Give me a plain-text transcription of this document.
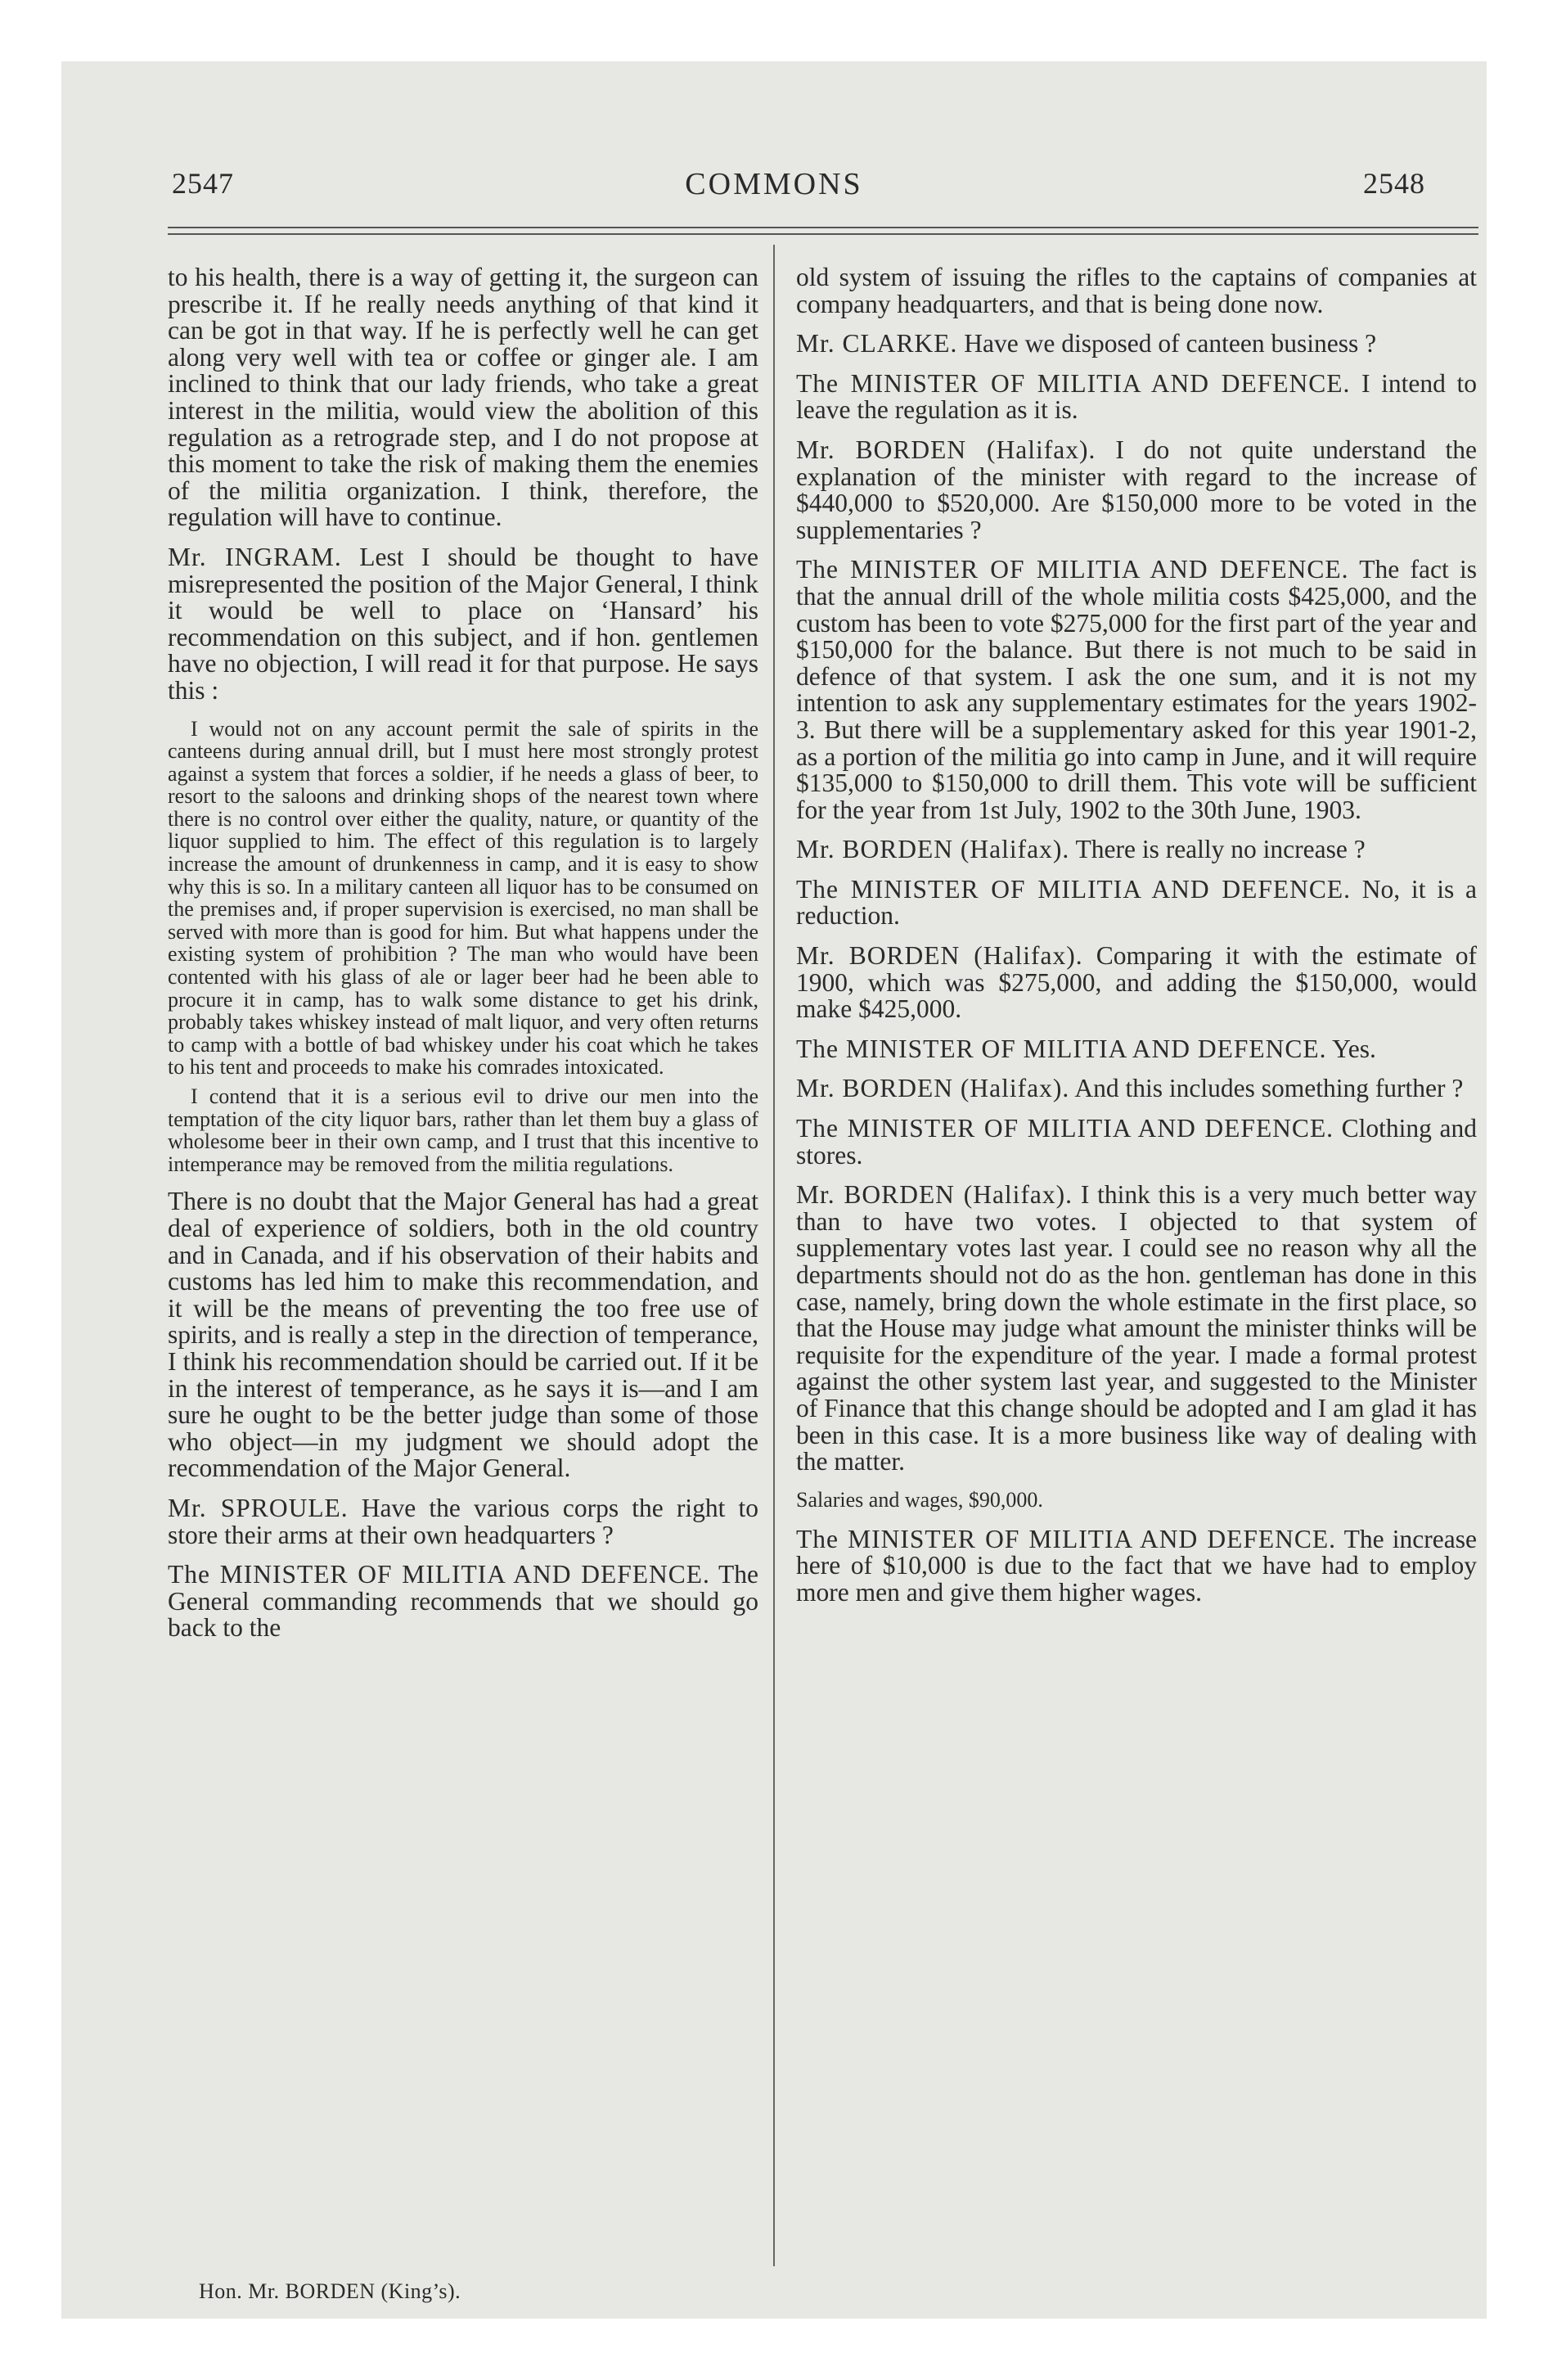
2547	COMMONS	2548

to his health, there is a way of getting it, the surgeon can prescribe it. If he really needs anything of that kind it can be got in that way. If he is perfectly well he can get along very well with tea or coffee or ginger ale. I am inclined to think that our lady friends, who take a great interest in the militia, would view the abolition of this regulation as a retrograde step, and I do not propose at this moment to take the risk of making them the enemies of the militia organization. I think, therefore, the regulation will have to continue.

Mr. INGRAM. Lest I should be thought to have misrepresented the position of the Major General, I think it would be well to place on ‘Hansard’ his recommendation on this subject, and if hon. gentlemen have no objection, I will read it for that purpose. He says this :

I would not on any account permit the sale of spirits in the canteens during annual drill, but I must here most strongly protest against a system that forces a soldier, if he needs a glass of beer, to resort to the saloons and drinking shops of the nearest town where there is no control over either the quality, nature, or quantity of the liquor supplied to him. The effect of this regulation is to largely increase the amount of drunkenness in camp, and it is easy to show why this is so. In a military canteen all liquor has to be consumed on the premises and, if proper supervision is exercised, no man shall be served with more than is good for him. But what happens under the existing system of prohibition ? The man who would have been contented with his glass of ale or lager beer had he been able to procure it in camp, has to walk some distance to get his drink, probably takes whiskey instead of malt liquor, and very often returns to camp with a bottle of bad whiskey under his coat which he takes to his tent and proceeds to make his comrades intoxicated.

I contend that it is a serious evil to drive our men into the temptation of the city liquor bars, rather than let them buy a glass of wholesome beer in their own camp, and I trust that this incentive to intemperance may be removed from the militia regulations.

There is no doubt that the Major General has had a great deal of experience of soldiers, both in the old country and in Canada, and if his observation of their habits and customs has led him to make this recommendation, and it will be the means of preventing the too free use of spirits, and is really a step in the direction of temperance, I think his recommendation should be carried out. If it be in the interest of temperance, as he says it is—and I am sure he ought to be the better judge than some of those who object—in my judgment we should adopt the recommendation of the Major General.

Mr. SPROULE. Have the various corps the right to store their arms at their own headquarters ?

The MINISTER OF MILITIA AND DEFENCE. The General commanding recommends that we should go back to the

old system of issuing the rifles to the captains of companies at company headquarters, and that is being done now.

Mr. CLARKE. Have we disposed of canteen business ?

The MINISTER OF MILITIA AND DEFENCE. I intend to leave the regulation as it is.

Mr. BORDEN (Halifax). I do not quite understand the explanation of the minister with regard to the increase of $440,000 to $520,000. Are $150,000 more to be voted in the supplementaries ?

The MINISTER OF MILITIA AND DEFENCE. The fact is that the annual drill of the whole militia costs $425,000, and the custom has been to vote $275,000 for the first part of the year and $150,000 for the balance. But there is not much to be said in defence of that system. I ask the one sum, and it is not my intention to ask any supplementary estimates for the years 1902-3. But there will be a supplementary asked for this year 1901-2, as a portion of the militia go into camp in June, and it will require $135,000 to $150,000 to drill them. This vote will be sufficient for the year from 1st July, 1902 to the 30th June, 1903.

Mr. BORDEN (Halifax). There is really no increase ?

The MINISTER OF MILITIA AND DEFENCE. No, it is a reduction.

Mr. BORDEN (Halifax). Comparing it with the estimate of 1900, which was $275,000, and adding the $150,000, would make $425,000.

The MINISTER OF MILITIA AND DEFENCE. Yes.

Mr. BORDEN (Halifax). And this includes something further ?

The MINISTER OF MILITIA AND DEFENCE. Clothing and stores.

Mr. BORDEN (Halifax). I think this is a very much better way than to have two votes. I objected to that system of supplementary votes last year. I could see no reason why all the departments should not do as the hon. gentleman has done in this case, namely, bring down the whole estimate in the first place, so that the House may judge what amount the minister thinks will be requisite for the expenditure of the year. I made a formal protest against the other system last year, and suggested to the Minister of Finance that this change should be adopted and I am glad it has been in this case. It is a more business like way of dealing with the matter.

Salaries and wages, $90,000.

The MINISTER OF MILITIA AND DEFENCE. The increase here of $10,000 is due to the fact that we have had to employ more men and give them higher wages.

Hon. Mr. BORDEN (King’s).
